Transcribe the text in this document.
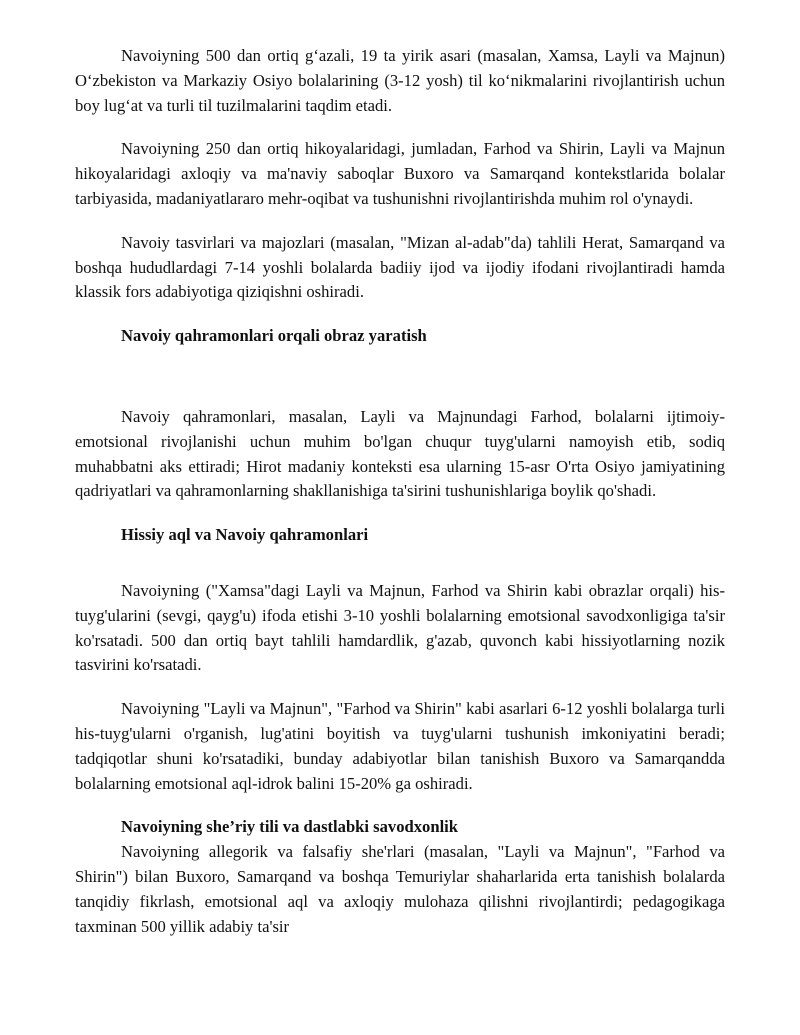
Navoiyning 500 dan ortiq g‘azali, 19 ta yirik asari (masalan, Xamsa, Layli va Majnun) O‘zbekiston va Markaziy Osiyo bolalarining (3-12 yosh) til ko‘nikmalarini rivojlantirish uchun boy lug‘at va turli til tuzilmalarini taqdim etadi.

Navoiyning 250 dan ortiq hikoyalaridagi, jumladan, Farhod va Shirin, Layli va Majnun hikoyalaridagi axloqiy va ma'naviy saboqlar Buxoro va Samarqand kontekstlarida bolalar tarbiyasida, madaniyatlararo mehr-oqibat va tushunishni rivojlantirishda muhim rol o'ynaydi.

Navoiy tasvirlari va majozlari (masalan, "Mizan al-adab"da) tahlili Herat, Samarqand va boshqa hududlardagi 7-14 yoshli bolalarda badiiy ijod va ijodiy ifodani rivojlantiradi hamda klassik fors adabiyotiga qiziqishni oshiradi.

Navoiy qahramonlari orqali obraz yaratish

Navoiy qahramonlari, masalan, Layli va Majnundagi Farhod, bolalarni ijtimoiy-emotsional rivojlanishi uchun muhim bo'lgan chuqur tuyg'ularni namoyish etib, sodiq muhabbatni aks ettiradi; Hirot madaniy konteksti esa ularning 15-asr O'rta Osiyo jamiyatining qadriyatlari va qahramonlarning shakllanishiga ta'sirini tushunishlariga boylik qo'shadi.

Hissiy aql va Navoiy qahramonlari

Navoiyning ("Xamsa"dagi Layli va Majnun, Farhod va Shirin kabi obrazlar orqali) his-tuyg'ularini (sevgi, qayg'u) ifoda etishi 3-10 yoshli bolalarning emotsional savodxonligiga ta'sir ko'rsatadi. 500 dan ortiq bayt tahlili hamdardlik, g'azab, quvonch kabi hissiyotlarning nozik tasvirini ko'rsatadi.

Navoiyning "Layli va Majnun", "Farhod va Shirin" kabi asarlari 6-12 yoshli bolalarga turli his-tuyg'ularni o'rganish, lug'atini boyitish va tuyg'ularni tushunish imkoniyatini beradi; tadqiqotlar shuni ko'rsatadiki, bunday adabiyotlar bilan tanishish Buxoro va Samarqandda bolalarning emotsional aql-idrok balini 15-20% ga oshiradi.

Navoiyning she’riy tili va dastlabki savodxonlik

Navoiyning allegorik va falsafiy she'rlari (masalan, "Layli va Majnun", "Farhod va Shirin") bilan Buxoro, Samarqand va boshqa Temuriylar shaharlarida erta tanishish bolalarda tanqidiy fikrlash, emotsional aql va axloqiy mulohaza qilishni rivojlantirdi; pedagogikaga taxminan 500 yillik adabiy ta'sir
